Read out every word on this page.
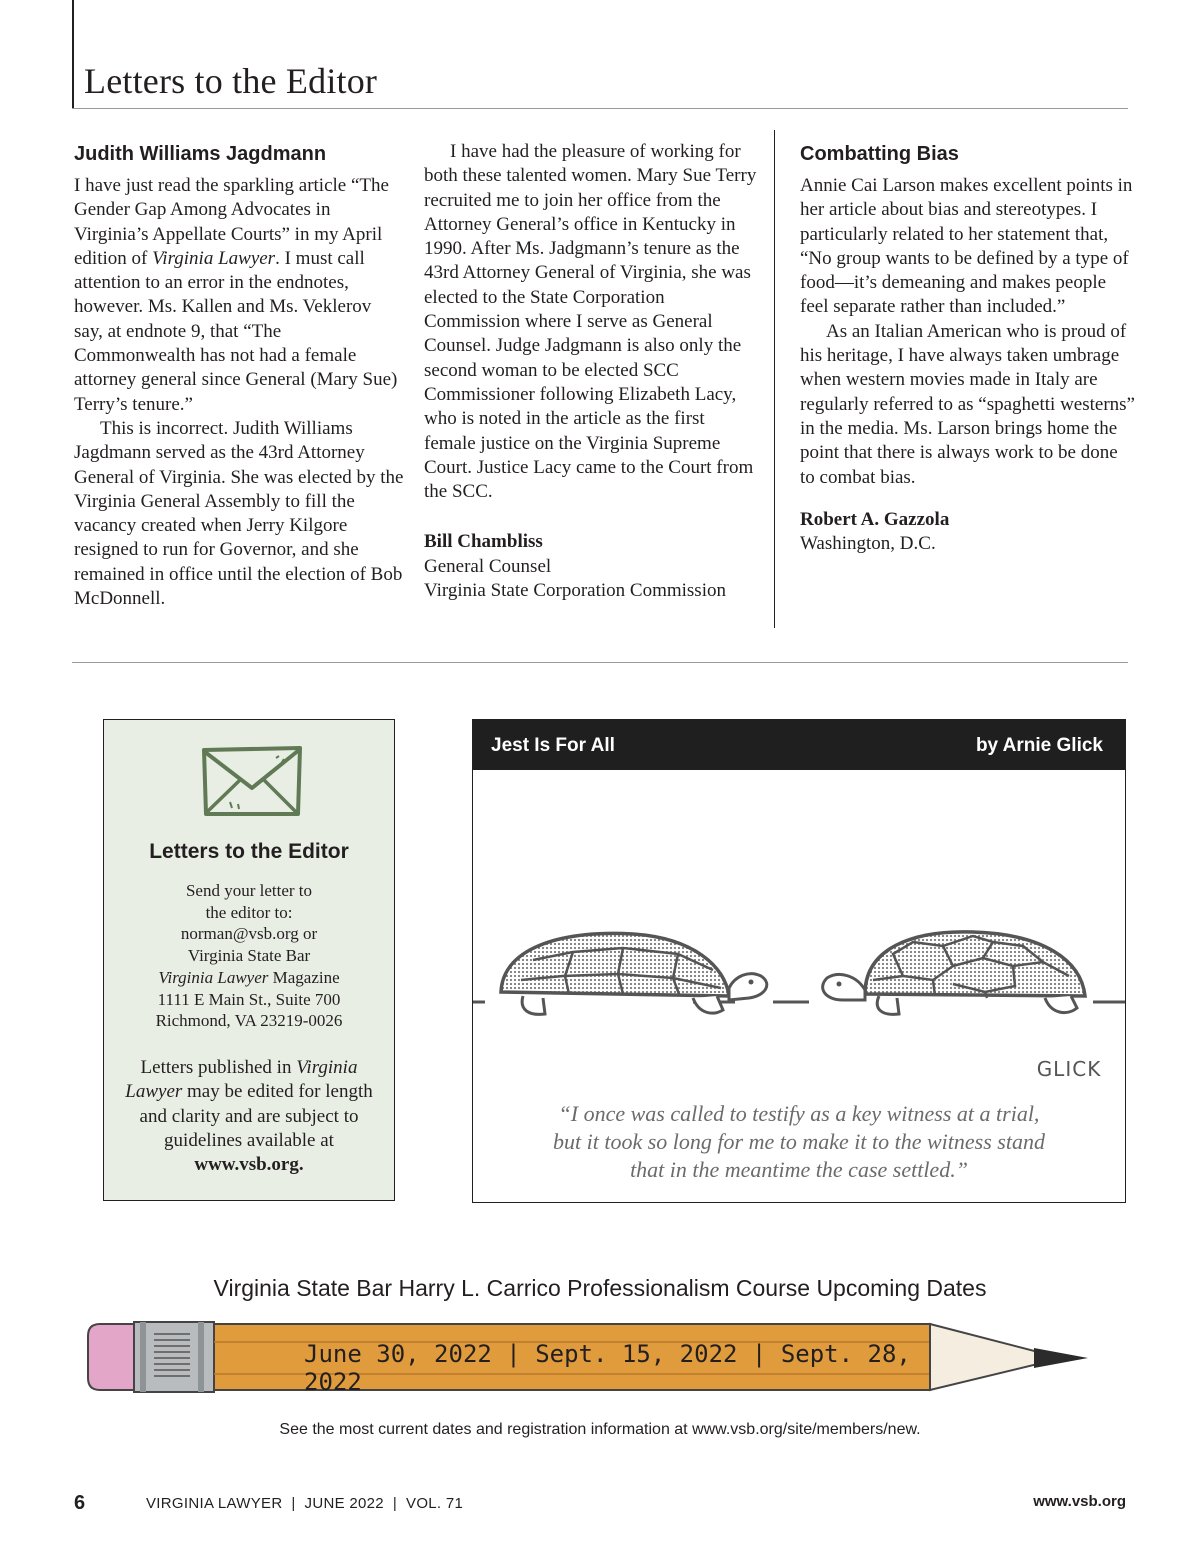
Letters to the Editor
Judith Williams Jagdmann

I have just read the sparkling article “The Gender Gap Among Advocates in Virginia’s Appellate Courts” in my April edition of Virginia Lawyer. I must call attention to an error in the endnotes, however. Ms. Kallen and Ms. Veklerov say, at endnote 9, that “The Commonwealth has not had a female attorney general since General (Mary Sue) Terry’s tenure.”

This is incorrect. Judith Williams Jagdmann served as the 43rd Attorney General of Virginia. She was elected by the Virginia General Assembly to fill the vacancy created when Jerry Kilgore resigned to run for Governor, and she remained in office until the election of Bob McDonnell.

I have had the pleasure of working for both these talented women. Mary Sue Terry recruited me to join her office from the Attorney General’s office in Kentucky in 1990. After Ms. Jadgmann’s tenure as the 43rd Attorney General of Virginia, she was elected to the State Corporation Commission where I serve as General Counsel. Judge Jadgmann is also only the second woman to be elected SCC Commissioner following Elizabeth Lacy, who is noted in the article as the first female justice on the Virginia Supreme Court. Justice Lacy came to the Court from the SCC.

Bill Chambliss
General Counsel
Virginia State Corporation Commission

Combatting Bias

Annie Cai Larson makes excellent points in her article about bias and stereotypes. I particularly related to her statement that, “No group wants to be defined by a type of food—it’s demeaning and makes people feel separate rather than included.”

As an Italian American who is proud of his heritage, I have always taken umbrage when western movies made in Italy are regularly referred to as “spaghetti westerns” in the media. Ms. Larson brings home the point that there is always work to be done to combat bias.

Robert A. Gazzola
Washington, D.C.

Letters to the Editor
Send your letter to
the editor to:
norman@vsb.org or
Virginia State Bar
Virginia Lawyer Magazine
1111 E Main St., Suite 700
Richmond, VA 23219-0026
Letters published in Virginia Lawyer may be edited for length and clarity and are subject to guidelines available at www.vsb.org.
Jest Is For All	by Arnie Glick
GLICK
“I once was called to testify as a key witness at a trial,
but it took so long for me to make it to the witness stand
that in the meantime the case settled.”
Virginia State Bar Harry L. Carrico Professionalism Course Upcoming Dates
June 30, 2022 | Sept. 15, 2022 | Sept. 28, 2022
See the most current dates and registration information at www.vsb.org/site/members/new.
6	VIRGINIA LAWYER  |  JUNE 2022  |  VOL. 71	www.vsb.org
